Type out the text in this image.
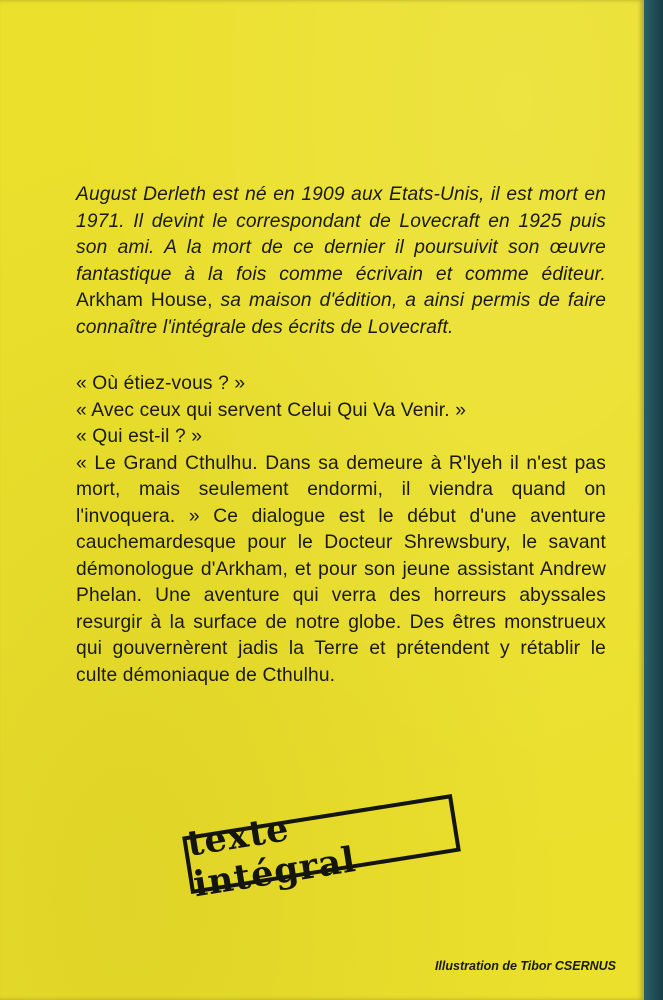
August Derleth est né en 1909 aux Etats-Unis, il est mort en 1971. Il devint le correspondant de Lovecraft en 1925 puis son ami. A la mort de ce dernier il poursuivit son œuvre fantastique à la fois comme écrivain et comme éditeur. Arkham House, sa maison d'édition, a ainsi permis de faire connaître l'intégrale des écrits de Lovecraft.

« Où étiez-vous ? »

« Avec ceux qui servent Celui Qui Va Venir. »

« Qui est-il ? »

« Le Grand Cthulhu. Dans sa demeure à R'lyeh il n'est pas mort, mais seulement endormi, il viendra quand on l'invoquera. » Ce dialogue est le début d'une aventure cauchemardesque pour le Docteur Shrewsbury, le savant démonologue d'Arkham, et pour son jeune assistant Andrew Phelan. Une aventure qui verra des horreurs abyssales resurgir à la surface de notre globe. Des êtres monstrueux qui gouvernèrent jadis la Terre et prétendent y rétablir le culte démoniaque de Cthulhu.

texte intégral
Illustration de Tibor CSERNUS
